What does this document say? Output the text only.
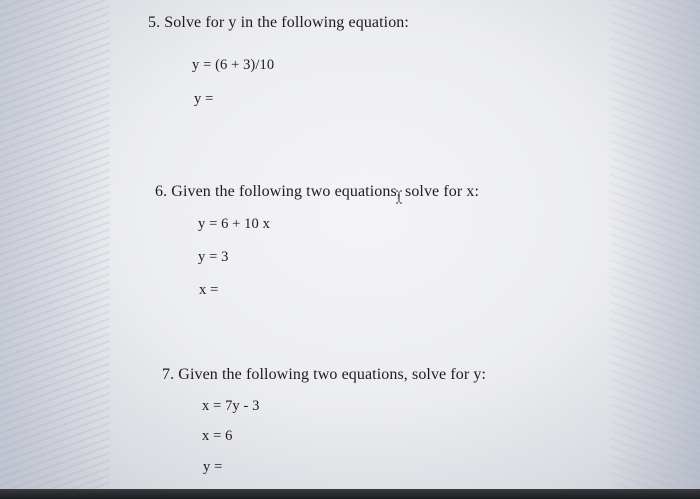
5. Solve for y in the following equation:
y = (6 + 3)/10
y =
6. Given the following two equations, solve for x:
y = 6 + 10 x
y = 3
x =
7. Given the following two equations, solve for y:
x = 7y - 3
x = 6
y =
